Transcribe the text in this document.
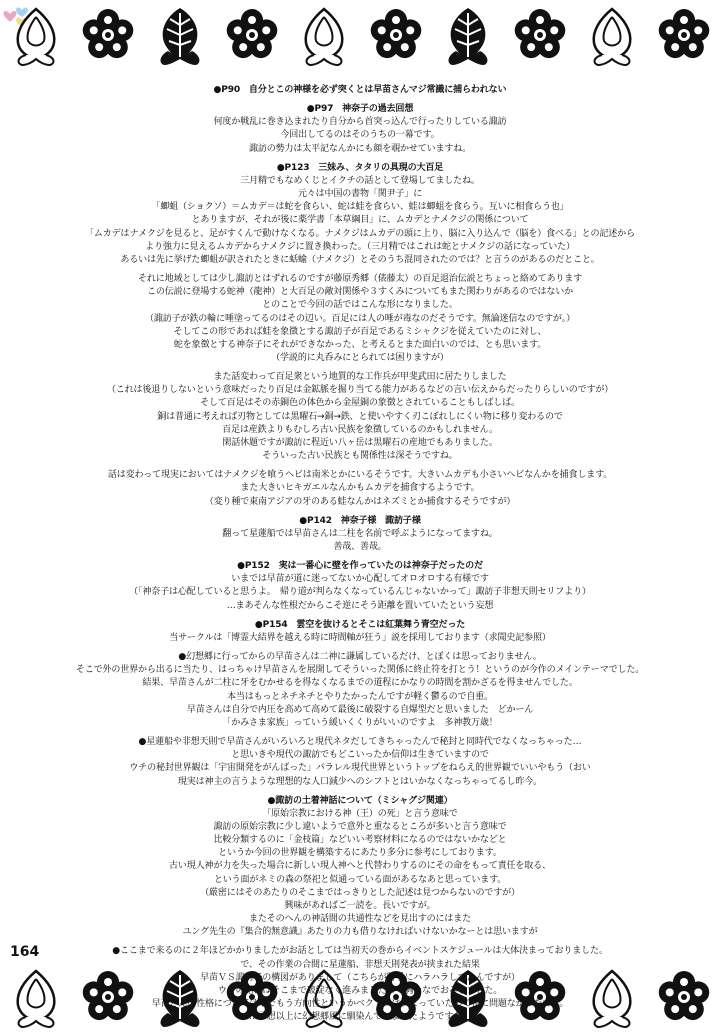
●P90　自分とこの神様を必ず突くとは早苗さんマジ常識に捕らわれない
●P97　神奈子の過去回想
何度か戦乱に巻き込まれたり自分から首突っ込んで行ったりしている諏訪
今回出してるのはそのうちの一幕です。
諏訪の勢力は太平記なんかにも顔を覗かせていますね。
●P123　三妹み、タタリの具現の大百足
三月精でもなめくじとイクチの話として登場してましたね。
元々は中国の書物「関尹子」に
「蝍蛆（ショクソ）＝ムカデ＝は蛇を食らい、蛇は蛙を食らい、蛙は蝍蛆を食らう。互いに相食らう也」
とありますが、それが後に薬学書「本草綱目」に、ムカデとナメクジの関係について
「ムカデはナメクジを見ると、足がすくんで動けなくなる。ナメクジはムカデの頭に上り、脳に入り込んで（脳を）食べる」との記述から
より強力に見えるムカデからナメクジに置き換わった。（三月精ではこれは蛇とナメクジの話になっていた）
あるいは先に挙げた蝍蛆が訳されたときに蛞蝓（ナメクジ）とそのうち混同されたのでは？と言うのがあるのだとこと。
それに地域としては少し諏訪とはずれるのですが藤原秀郷（俵藤太）の百足退治伝説とちょっと絡めてあります
この伝説に登場する蛇神（龍神）と大百足の敵対関係や３すくみについてもまた関わりがあるのではないか
とのことで今回の話ではこんな形になりました。
（諏訪子が鉄の輪に唾塗ってるのはその辺い。百足には人の唾が毒なのだそうです。無論迷信なのですが。）
そしてこの形であれば蛙を象徴とする諏訪子が百足であるミシャクジを従えていたのに対し、
蛇を象徴とする神奈子にそれができなかった、と考えるとまた面白いのでは、とも思います。
（学説的に丸呑みにとられては困りますが）
また話変わって百足衆という地質的な工作兵が甲斐武田に居たりしました
（これは後退りしないという意味だったり百足は金鉱脈を掘り当てる能力があるなどの言い伝えからだったりらしいのですが）
そして百足はその赤銅色の体色から金屋銅の象徴とされていることもしばしば。
銅は普通に考えれば刃物としては黒曜石→銅→鉄、と使いやすく刃こぼれしにくい物に移り変わるので
百足は産鉄よりもむしろ古い民族を象徴しているのかもしれません。
閑話休題ですが諏訪に程近い八ヶ岳は黒曜石の産地でもありました。
そういった古い民族とも関係性は深そうですね。
話は変わって現実においてはナメクジを喰うヘビは南米とかにいるそうです。大きいムカデも小さいヘビなんかを捕食します。
また大きいヒキガエルなんかもムカデを捕食するようです。
（変り種で東南アジアの牙のある蛙なんかはネズミとか捕食するそうですが）
●P142　神奈子様　諏訪子様
翻って星蓮船では早苗さんは二柱を名前で呼ぶようになってますね。
善哉、善哉。
●P152　実は一番心に壁を作っていたのは神奈子だったのだ
いまでは早苗が道に迷ってないか心配してオロオロする有様です
（「神奈子は心配していると思うよ。　帰り道が判らなくなっているんじゃないかって」諏訪子非想天則セリフより）
…まあそんな性根だからこそ逆にそう距離を置いていたという妄想
●P154　雲空を抜けるとそこは紅葉舞う青空だった
当サークルは「博霊大結界を越える時に時間軸が狂う」説を採用しております（求聞史記参照）
●幻想郷に行ってからの早苗さんは二神に謙属しているだけ、とぼくは思っておりません。
そこで外の世界から出るに当たり、はっちゃけ早苗さんを展開してそういった関係に終止符を打とう！というのが今作のメインテーマでした。
結果、早苗さんが二柱に牙をむかせるを得なくなるまでの道程にかなりの時間を割かざるを得ませんでした。
本当はもっとネチネチとやりたかったんですが軽く鬱るので自重。
早苗さんは自分で内圧を高めて高めて最後に破裂する自爆型だと思いました　どかーん
「かみさま家族」っていう緩いくくりがいいのですよ　多神教万歳！
●星蓮船や非想天則で早苗さんがいろいろと現代ネタだしてきちゃったんで秘封と同時代でなくなっちゃった…
と思いきや現代の諏訪でもどこいったか信仰は生きていますので
ウチの秘封世界観は「宇宙開発をがんばった」パラレル現代世界というトップをねらえ的世界観でいいやもう（おい
現実は神主の言うような理想的な人口減少へのシフトとはいかなくなっちゃってるし昨今。
●諏訪の土着神話について（ミシャグジ関連）
「原始宗教における神（王）の死」と言う意味で
諏訪の原始宗教に少し違いようで意外と重なるところが多いと言う意味で
比較分類するのに「金枝篇」などいい考察材料になるのではないかなどと
というか今回の世界観を構築するにあたり多分に参考にしております。
古い現人神が力を失った場合に新しい現人神へと代替わりするのにその命をもって責任を取る、
という面がネミの森の祭祀と似通っている面があるなあと思っています。
（厳密にはそのあたりのそこまではっきりとした記述は見つからないのですが）
興味があればご一読を。長いですが。
またそのへんの神話間の共通性などを見出すのにはまた
ユング先生の『集合的無意識』あたりの力も借りなければいけないかなーとは思いますが
●ここまで来るのに２年ほどかかりましたがお話としては当初天の巻からイベントスケジュールは大体決まっておりました。
で、その作業の合間に星蓮船、非想天則発表が挟まれた結果
早苗ＶＳ諏訪子の構図がありまして（こちらが勝手にハラハラしてたんですが）
ウチの話にはそこまで破綻なく進みましたので胸をなでおろしました。
早苗さんの性格については地でもう方向性というかベクトルは決まっていたので特に問題なかったです。
…予想以上に幻想郷風に馴染んでしまったようですが。
164
